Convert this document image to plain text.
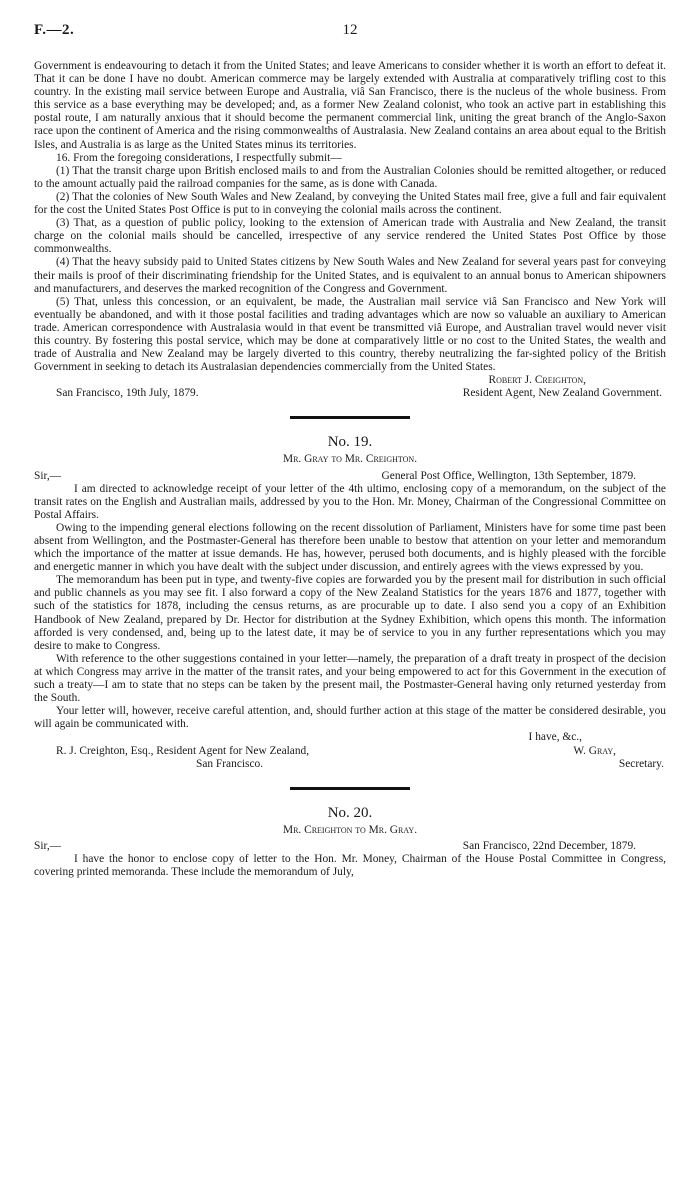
F.—2.	12

Government is endeavouring to detach it from the United States; and leave Americans to consider whether it is worth an effort to defeat it. That it can be done I have no doubt. American commerce may be largely extended with Australia at comparatively trifling cost to this country. In the existing mail service between Europe and Australia, viâ San Francisco, there is the nucleus of the whole business. From this service as a base everything may be developed; and, as a former New Zealand colonist, who took an active part in establishing this postal route, I am naturally anxious that it should become the permanent commercial link, uniting the great branch of the Anglo-Saxon race upon the continent of America and the rising commonwealths of Australasia. New Zealand contains an area about equal to the British Isles, and Australia is as large as the United States minus its territories.

16. From the foregoing considerations, I respectfully submit—

(1) That the transit charge upon British enclosed mails to and from the Australian Colonies should be remitted altogether, or reduced to the amount actually paid the railroad companies for the same, as is done with Canada.

(2) That the colonies of New South Wales and New Zealand, by conveying the United States mail free, give a full and fair equivalent for the cost the United States Post Office is put to in conveying the colonial mails across the continent.

(3) That, as a question of public policy, looking to the extension of American trade with Australia and New Zealand, the transit charge on the colonial mails should be cancelled, irrespective of any service rendered the United States Post Office by those commonwealths.

(4) That the heavy subsidy paid to United States citizens by New South Wales and New Zealand for several years past for conveying their mails is proof of their discriminating friendship for the United States, and is equivalent to an annual bonus to American shipowners and manufacturers, and deserves the marked recognition of the Congress and Government.

(5) That, unless this concession, or an equivalent, be made, the Australian mail service viâ San Francisco and New York will eventually be abandoned, and with it those postal facilities and trading advantages which are now so valuable an auxiliary to American trade. American correspondence with Australasia would in that event be transmitted viâ Europe, and Australian travel would never visit this country. By fostering this postal service, which may be done at comparatively little or no cost to the United States, the wealth and trade of Australia and New Zealand may be largely diverted to this country, thereby neutralizing the far-sighted policy of the British Government in seeking to detach its Australasian dependencies commercially from the United States.

Robert J. Creighton,
San Francisco, 19th July, 1879.	Resident Agent, New Zealand Government.
No. 19.
Mr. Gray to Mr. Creighton.
Sir,—	General Post Office, Wellington, 13th September, 1879.

I am directed to acknowledge receipt of your letter of the 4th ultimo, enclosing copy of a memorandum, on the subject of the transit rates on the English and Australian mails, addressed by you to the Hon. Mr. Money, Chairman of the Congressional Committee on Postal Affairs.

Owing to the impending general elections following on the recent dissolution of Parliament, Ministers have for some time past been absent from Wellington, and the Postmaster-General has therefore been unable to bestow that attention on your letter and memorandum which the importance of the matter at issue demands. He has, however, perused both documents, and is highly pleased with the forcible and energetic manner in which you have dealt with the subject under discussion, and entirely agrees with the views expressed by you.

The memorandum has been put in type, and twenty-five copies are forwarded you by the present mail for distribution in such official and public channels as you may see fit. I also forward a copy of the New Zealand Statistics for the years 1876 and 1877, together with such of the statistics for 1878, including the census returns, as are procurable up to date. I also send you a copy of an Exhibition Handbook of New Zealand, prepared by Dr. Hector for distribution at the Sydney Exhibition, which opens this month. The information afforded is very condensed, and, being up to the latest date, it may be of service to you in any further representations which you may desire to make to Congress.

With reference to the other suggestions contained in your letter—namely, the preparation of a draft treaty in prospect of the decision at which Congress may arrive in the matter of the transit rates, and your being empowered to act for this Government in the execution of such a treaty—I am to state that no steps can be taken by the present mail, the Postmaster-General having only returned yesterday from the South.

Your letter will, however, receive careful attention, and, should further action at this stage of the matter be considered desirable, you will again be communicated with.

I have, &c.,
R. J. Creighton, Esq., Resident Agent for New Zealand,
San Francisco.
W. Gray,
Secretary.
No. 20.
Mr. Creighton to Mr. Gray.
Sir,—	San Francisco, 22nd December, 1879.

I have the honor to enclose copy of letter to the Hon. Mr. Money, Chairman of the House Postal Committee in Congress, covering printed memoranda. These include the memorandum of July,
